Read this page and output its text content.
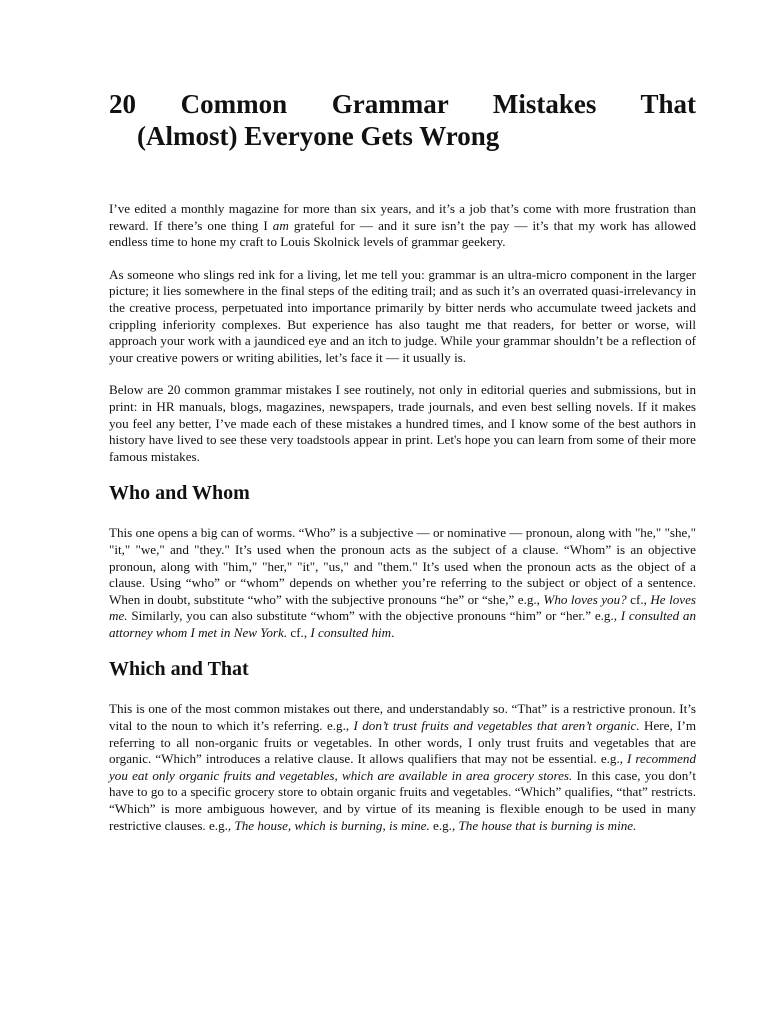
20 Common Grammar Mistakes That
(Almost) Everyone Gets Wrong

I’ve edited a monthly magazine for more than six years, and it’s a job that’s come with more frustration than reward. If there’s one thing I am grateful for — and it sure isn’t the pay — it’s that my work has allowed endless time to hone my craft to Louis Skolnick levels of grammar geekery.

As someone who slings red ink for a living, let me tell you: grammar is an ultra-micro component in the larger picture; it lies somewhere in the final steps of the editing trail; and as such it’s an overrated quasi-irrelevancy in the creative process, perpetuated into importance primarily by bitter nerds who accumulate tweed jackets and crippling inferiority complexes. But experience has also taught me that readers, for better or worse, will approach your work with a jaundiced eye and an itch to judge. While your grammar shouldn’t be a reflection of your creative powers or writing abilities, let’s face it — it usually is.

Below are 20 common grammar mistakes I see routinely, not only in editorial queries and submissions, but in print: in HR manuals, blogs, magazines, newspapers, trade journals, and even best selling novels. If it makes you feel any better, I’ve made each of these mistakes a hundred times, and I know some of the best authors in history have lived to see these very toadstools appear in print. Let's hope you can learn from some of their more famous mistakes.

Who and Whom

This one opens a big can of worms. “Who” is a subjective — or nominative — pronoun, along with "he," "she," "it," "we," and "they." It’s used when the pronoun acts as the subject of a clause. “Whom” is an objective pronoun, along with "him," "her," "it", "us," and "them." It’s used when the pronoun acts as the object of a clause. Using “who” or “whom” depends on whether you’re referring to the subject or object of a sentence. When in doubt, substitute “who” with the subjective pronouns “he” or “she,” e.g., Who loves you? cf., He loves me. Similarly, you can also substitute “whom” with the objective pronouns “him” or “her.” e.g., I consulted an attorney whom I met in New York. cf., I consulted him.

Which and That

This is one of the most common mistakes out there, and understandably so. “That” is a restrictive pronoun. It’s vital to the noun to which it’s referring. e.g., I don’t trust fruits and vegetables that aren’t organic. Here, I’m referring to all non-organic fruits or vegetables. In other words, I only trust fruits and vegetables that are organic. “Which” introduces a relative clause. It allows qualifiers that may not be essential. e.g., I recommend you eat only organic fruits and vegetables, which are available in area grocery stores. In this case, you don’t have to go to a specific grocery store to obtain organic fruits and vegetables. “Which” qualifies, “that” restricts. “Which” is more ambiguous however, and by virtue of its meaning is flexible enough to be used in many restrictive clauses. e.g., The house, which is burning, is mine. e.g., The house that is burning is mine.
